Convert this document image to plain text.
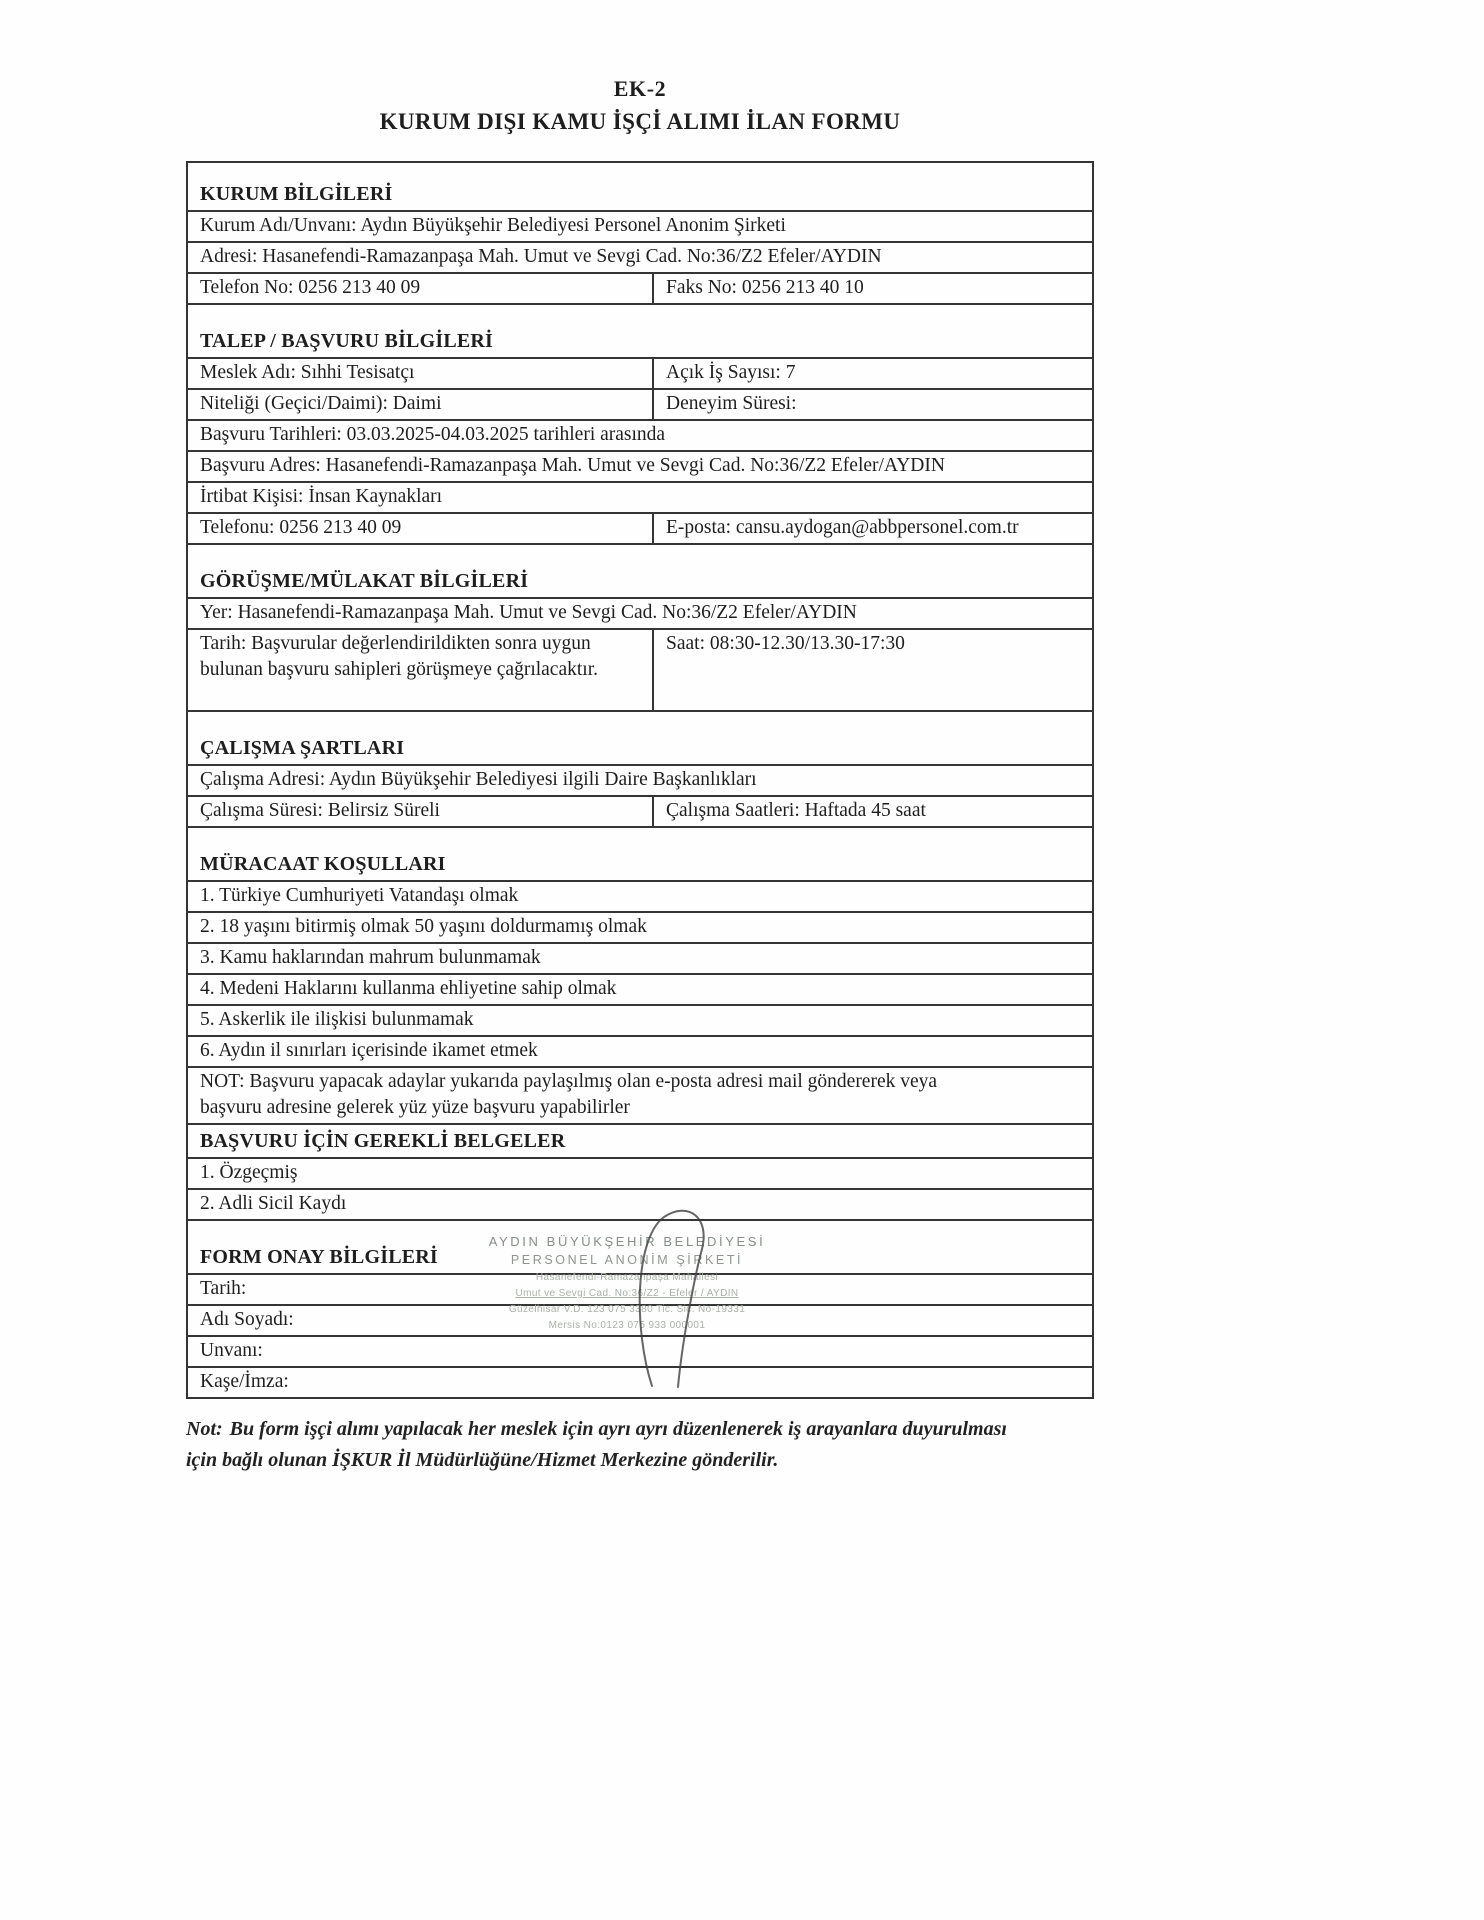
EK-2
KURUM DIŞI KAMU İŞÇİ ALIMI İLAN FORMU
KURUM BİLGİLERİ
Kurum Adı/Unvanı: Aydın Büyükşehir Belediyesi Personel Anonim Şirketi
Adresi: Hasanefendi-Ramazanpaşa Mah. Umut ve Sevgi Cad. No:36/Z2 Efeler/AYDIN
Telefon No: 0256 213 40 09	Faks No: 0256 213 40 10
TALEP / BAŞVURU BİLGİLERİ
Meslek Adı: Sıhhi Tesisatçı	Açık İş Sayısı: 7
Niteliği (Geçici/Daimi): Daimi	Deneyim Süresi:
Başvuru Tarihleri: 03.03.2025-04.03.2025 tarihleri arasında
Başvuru Adres: Hasanefendi-Ramazanpaşa Mah. Umut ve Sevgi Cad. No:36/Z2 Efeler/AYDIN
İrtibat Kişisi: İnsan Kaynakları
Telefonu: 0256 213 40 09	E-posta: cansu.aydogan@abbpersonel.com.tr
GÖRÜŞME/MÜLAKAT BİLGİLERİ
Yer: Hasanefendi-Ramazanpaşa Mah. Umut ve Sevgi Cad. No:36/Z2 Efeler/AYDIN
Tarih: Başvurular değerlendirildikten sonra uygun bulunan başvuru sahipleri görüşmeye çağrılacaktır.
Saat: 08:30-12.30/13.30-17:30
ÇALIŞMA ŞARTLARI
Çalışma Adresi: Aydın Büyükşehir Belediyesi ilgili Daire Başkanlıkları
Çalışma Süresi: Belirsiz Süreli	Çalışma Saatleri: Haftada 45 saat
MÜRACAAT KOŞULLARI
1. Türkiye Cumhuriyeti Vatandaşı olmak
2. 18 yaşını bitirmiş olmak 50 yaşını doldurmamış olmak
3. Kamu haklarından mahrum bulunmamak
4. Medeni Haklarını kullanma ehliyetine sahip olmak
5. Askerlik ile ilişkisi bulunmamak
6. Aydın il sınırları içerisinde ikamet etmek
NOT: Başvuru yapacak adaylar yukarıda paylaşılmış olan e-posta adresi mail göndererek veya
başvuru adresine gelerek yüz yüze başvuru yapabilirler
BAŞVURU İÇİN GEREKLİ BELGELER
1. Özgeçmiş
2. Adli Sicil Kaydı
FORM ONAY BİLGİLERİ
Tarih:
Adı Soyadı:
Unvanı:
Kaşe/İmza:
AYDIN BÜYÜKŞEHİR BELEDİYESİ
PERSONEL ANONİM ŞİRKETİ
Hasanefendi-Ramazanpaşa Mahallesi
Umut ve Sevgi Cad. No:36/Z2 - Efeler / AYDIN
Güzelhisar V.D. 123 075 3380 Tic. Sic. No-19331
Mersis No:0123 075 933 000001

Not: Bu form işçi alımı yapılacak her meslek için ayrı ayrı düzenlenerek iş arayanlara duyurulması
için bağlı olunan İŞKUR İl Müdürlüğüne/Hizmet Merkezine gönderilir.
